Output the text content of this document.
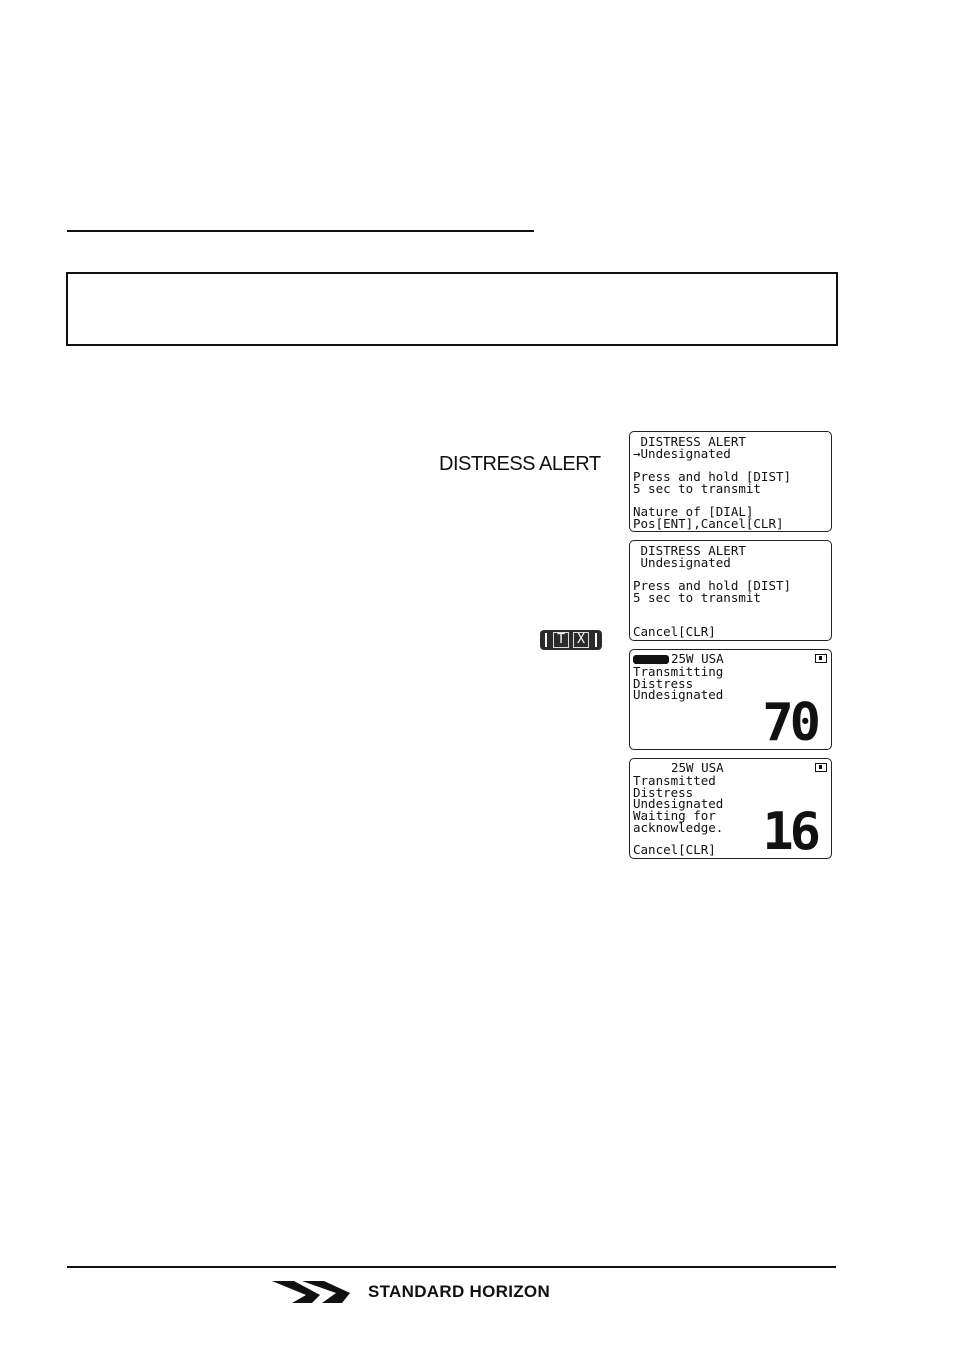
DISTRESS ALERT
T X
DISTRESS ALERT
→Undesignated
Press and hold [DIST]
5 sec to transmit
Nature of [DIAL]
Pos[ENT],Cancel[CLR]
DISTRESS ALERT
Undesignated
Press and hold [DIST]
5 sec to transmit
Cancel[CLR]
25W USA
Transmitting
Distress
Undesignated 70
25W USA
Transmitted
Distress
Undesignated
Waiting for
acknowledge.
Cancel[CLR] 16
STANDARD HORIZON
